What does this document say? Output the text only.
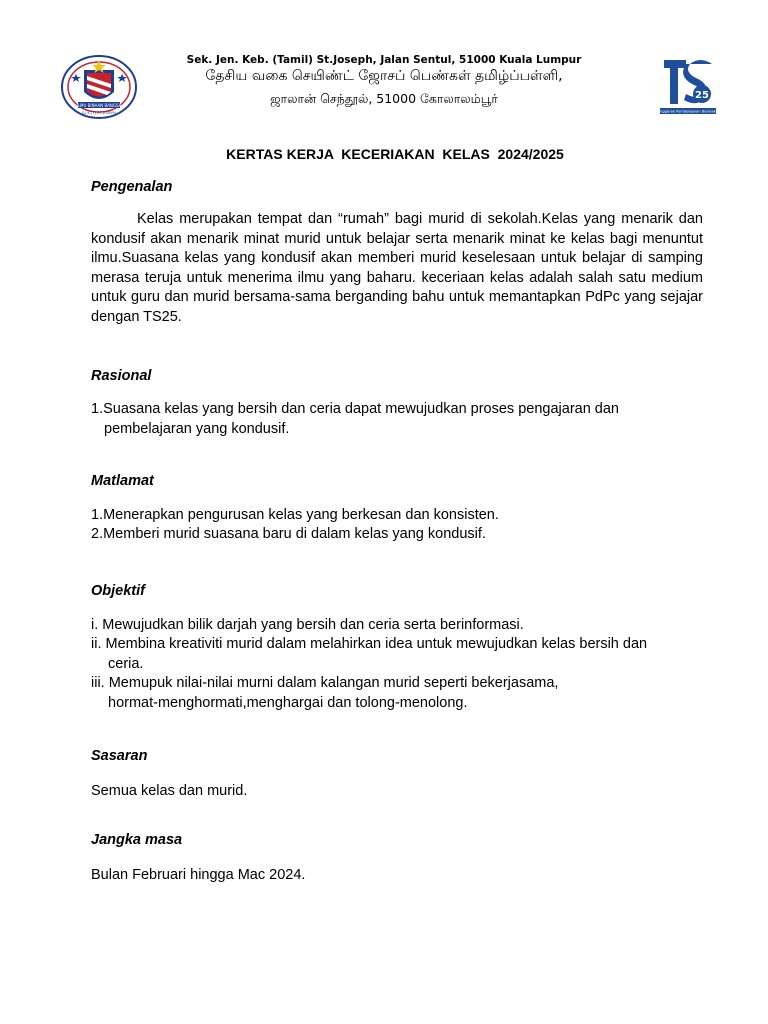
ILMU BINAAN BANGSA
S.J.K.(T) ST. JOSEPH
Sek. Jen. Keb. (Tamil) St.Joseph, Jalan Sentul, 51000 Kuala Lumpur
தேசிய வகை செயிண்ட் ஜோசப் பெண்கள் தமிழ்ப்பள்ளி,
ஜாலான் செந்தூல், 51000 கோலாலம்பூர்	25
Penggerak Pembelajaran Bermakna
KERTAS KERJA  KECERIAKAN  KELAS  2024/2025
Pengenalan
Kelas merupakan tempat dan “rumah” bagi murid di sekolah.Kelas yang menarik dan kondusif akan menarik minat murid untuk belajar serta menarik minat ke kelas bagi menuntut ilmu.Suasana kelas yang kondusif akan memberi murid keselesaan untuk belajar di samping merasa teruja untuk menerima ilmu yang baharu. keceriaan kelas adalah salah satu medium untuk guru dan murid bersama-sama berganding bahu untuk memantapkan PdPc yang sejajar dengan TS25.
Rasional
1.Suasana kelas yang bersih dan ceria dapat mewujudkan proses pengajaran dan
pembelajaran yang kondusif.
Matlamat
1.Menerapkan pengurusan kelas yang berkesan dan konsisten.
2.Memberi murid suasana baru di dalam kelas yang kondusif.
Objektif
i. Mewujudkan bilik darjah yang bersih dan ceria serta berinformasi.
ii. Membina kreativiti murid dalam melahirkan idea untuk mewujudkan kelas bersih dan
ceria.
iii. Memupuk nilai-nilai murni dalam kalangan murid seperti bekerjasama,
hormat-menghormati,menghargai dan tolong-menolong.
Sasaran
Semua kelas dan murid.
Jangka masa
Bulan Februari hingga Mac 2024.
